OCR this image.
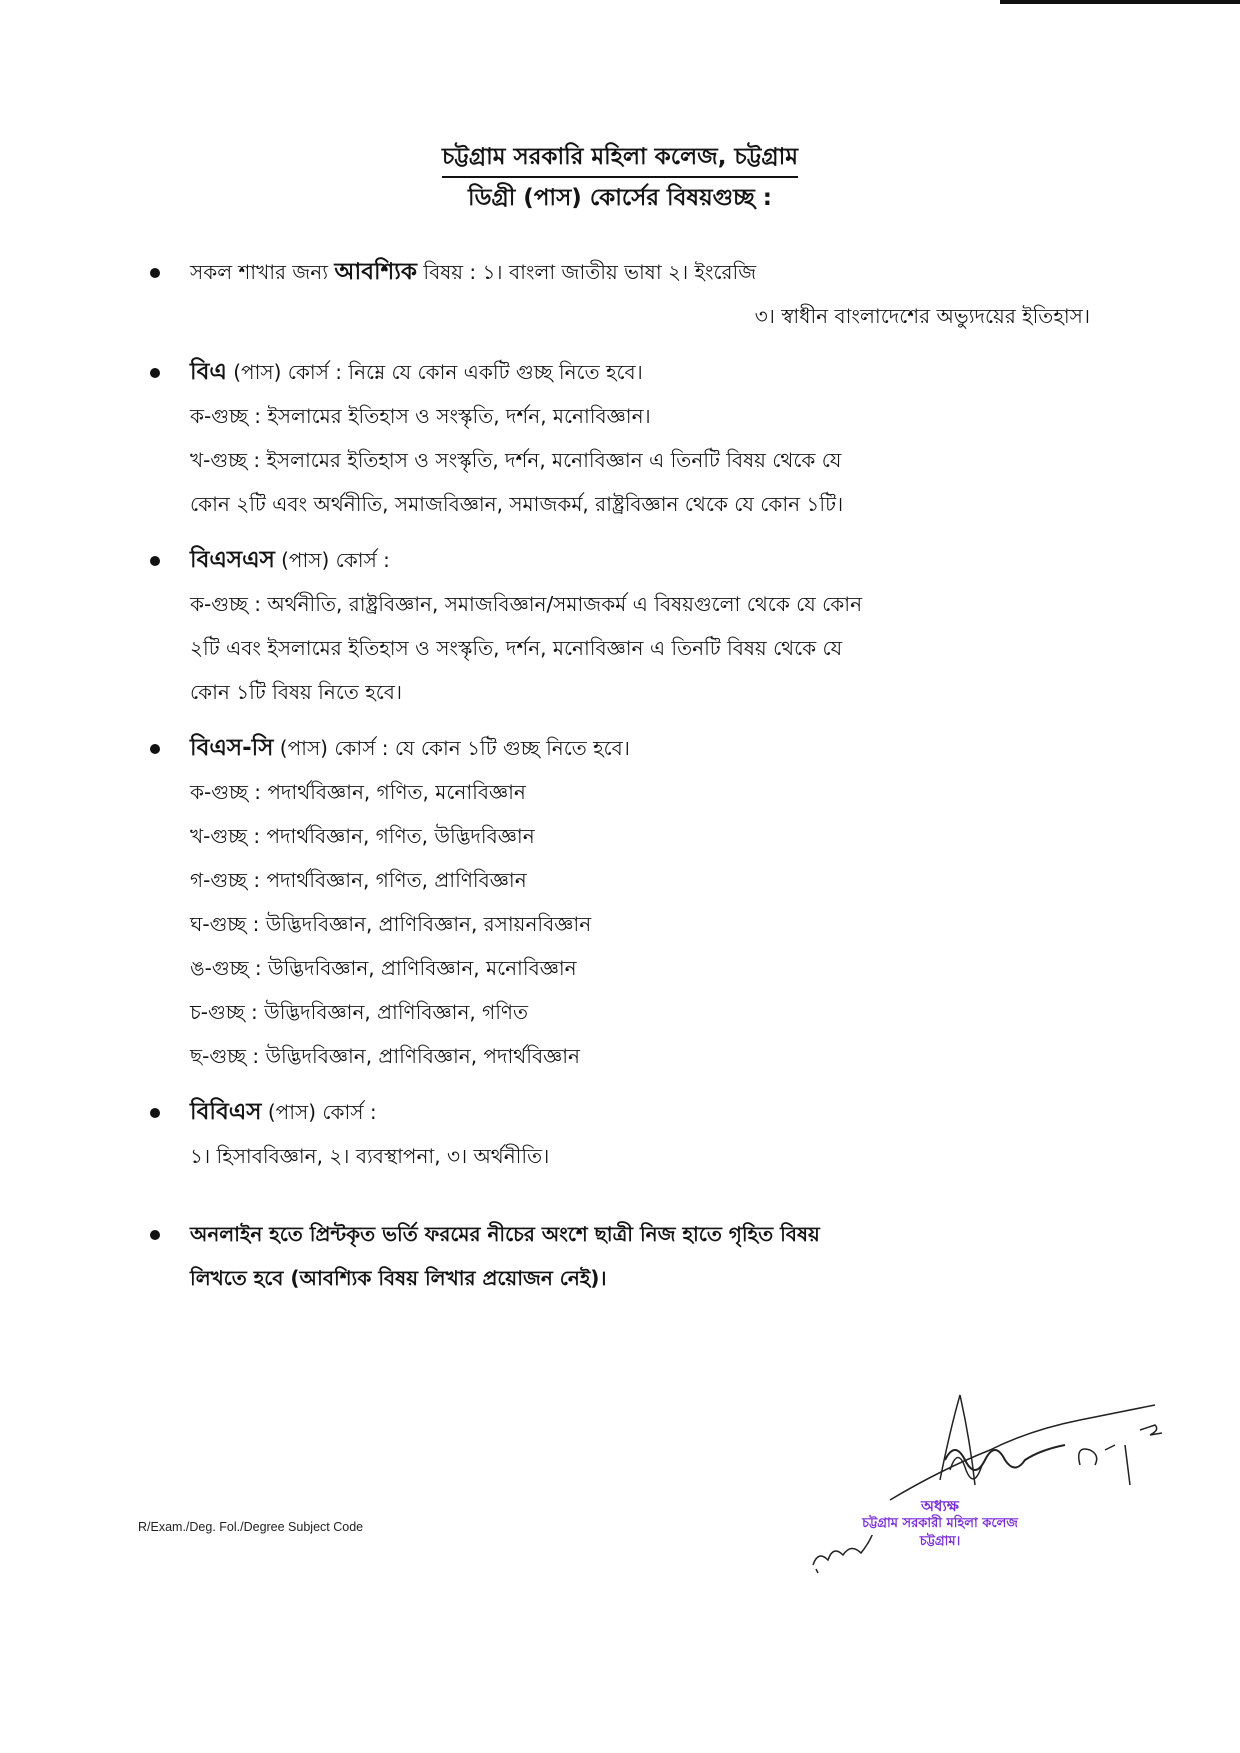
চট্টগ্রাম সরকারি মহিলা কলেজ, চট্টগ্রাম
ডিগ্রী (পাস) কোর্সের বিষয়গুচ্ছ :
সকল শাখার জন্য আবশ্যিক বিষয় : ১। বাংলা জাতীয় ভাষা ২। ইংরেজি
৩। স্বাধীন বাংলাদেশের অভ্যুদয়ের ইতিহাস।
বিএ (পাস) কোর্স : নিম্নে যে কোন একটি গুচ্ছ নিতে হবে।
ক-গুচ্ছ : ইসলামের ইতিহাস ও সংস্কৃতি, দর্শন, মনোবিজ্ঞান।
খ-গুচ্ছ : ইসলামের ইতিহাস ও সংস্কৃতি, দর্শন, মনোবিজ্ঞান এ তিনটি বিষয় থেকে যে
কোন ২টি এবং অর্থনীতি, সমাজবিজ্ঞান, সমাজকর্ম, রাষ্ট্রবিজ্ঞান থেকে যে কোন ১টি।
বিএসএস (পাস) কোর্স :
ক-গুচ্ছ : অর্থনীতি, রাষ্ট্রবিজ্ঞান, সমাজবিজ্ঞান/সমাজকর্ম এ বিষয়গুলো থেকে যে কোন
২টি এবং ইসলামের ইতিহাস ও সংস্কৃতি, দর্শন, মনোবিজ্ঞান এ তিনটি বিষয় থেকে যে
কোন ১টি বিষয় নিতে হবে।
বিএস-সি (পাস) কোর্স : যে কোন ১টি গুচ্ছ নিতে হবে।
ক-গুচ্ছ : পদার্থবিজ্ঞান, গণিত, মনোবিজ্ঞান
খ-গুচ্ছ : পদার্থবিজ্ঞান, গণিত, উদ্ভিদবিজ্ঞান
গ-গুচ্ছ : পদার্থবিজ্ঞান, গণিত, প্রাণিবিজ্ঞান
ঘ-গুচ্ছ : উদ্ভিদবিজ্ঞান, প্রাণিবিজ্ঞান, রসায়নবিজ্ঞান
ঙ-গুচ্ছ : উদ্ভিদবিজ্ঞান, প্রাণিবিজ্ঞান, মনোবিজ্ঞান
চ-গুচ্ছ : উদ্ভিদবিজ্ঞান, প্রাণিবিজ্ঞান, গণিত
ছ-গুচ্ছ : উদ্ভিদবিজ্ঞান, প্রাণিবিজ্ঞান, পদার্থবিজ্ঞান
বিবিএস (পাস) কোর্স :
১। হিসাববিজ্ঞান, ২। ব্যবস্থাপনা, ৩। অর্থনীতি।
অনলাইন হতে প্রিন্টকৃত ভর্তি ফরমের নীচের অংশে ছাত্রী নিজ হাতে গৃহিত বিষয়
লিখতে হবে (আবশ্যিক বিষয় লিখার প্রয়োজন নেই)।
অধ্যক্ষ
চট্টগ্রাম সরকারী মহিলা কলেজ
চট্টগ্রাম।
R/Exam./Deg. Fol./Degree Subject Code
